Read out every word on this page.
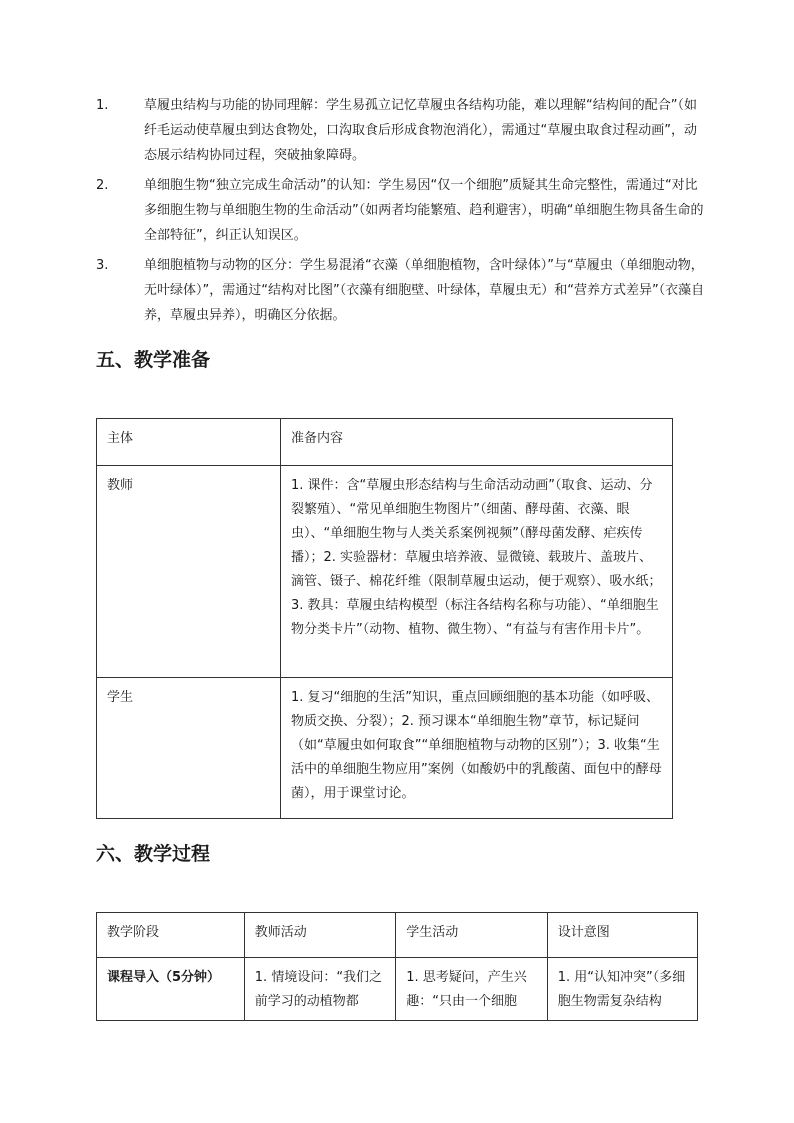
1.	草履虫结构与功能的协同理解：学生易孤立记忆草履虫各结构功能，难以理解“结构间的配合”（如纤毛运动使草履虫到达食物处，口沟取食后形成食物泡消化），需通过“草履虫取食过程动画”，动态展示结构协同过程，突破抽象障碍。
2.	单细胞生物“独立完成生命活动”的认知：学生易因“仅一个细胞”质疑其生命完整性，需通过“对比多细胞生物与单细胞生物的生命活动”（如两者均能繁殖、趋利避害），明确“单细胞生物具备生命的全部特征”，纠正认知误区。
3.	单细胞植物与动物的区分：学生易混淆“衣藻（单细胞植物，含叶绿体）”与“草履虫（单细胞动物，无叶绿体）”，需通过“结构对比图”（衣藻有细胞壁、叶绿体，草履虫无）和“营养方式差异”（衣藻自养，草履虫异养），明确区分依据。
五、教学准备
主体	准备内容
教师	1. 课件：含“草履虫形态结构与生命活动动画”（取食、运动、分裂繁殖）、“常见单细胞生物图片”（细菌、酵母菌、衣藻、眼虫）、“单细胞生物与人类关系案例视频”（酵母菌发酵、疟疾传播）；2. 实验器材：草履虫培养液、显微镜、载玻片、盖玻片、滴管、镊子、棉花纤维（限制草履虫运动，便于观察）、吸水纸；3. 教具：草履虫结构模型（标注各结构名称与功能）、“单细胞生物分类卡片”（动物、植物、微生物）、“有益与有害作用卡片”。
学生	1. 复习“细胞的生活”知识，重点回顾细胞的基本功能（如呼吸、物质交换、分裂）；2. 预习课本“单细胞生物”章节，标记疑问（如“草履虫如何取食”“单细胞植物与动物的区别”）；3. 收集“生活中的单细胞生物应用”案例（如酸奶中的乳酸菌、面包中的酵母菌），用于课堂讨论。
六、教学过程
教学阶段	教师活动	学生活动	设计意图
课程导入（5分钟）	1. 情境设问：“我们之前学习的动植物都	1. 思考疑问，产生兴趣：“只由一个细胞	1. 用“认知冲突”（多细胞生物需复杂结构
